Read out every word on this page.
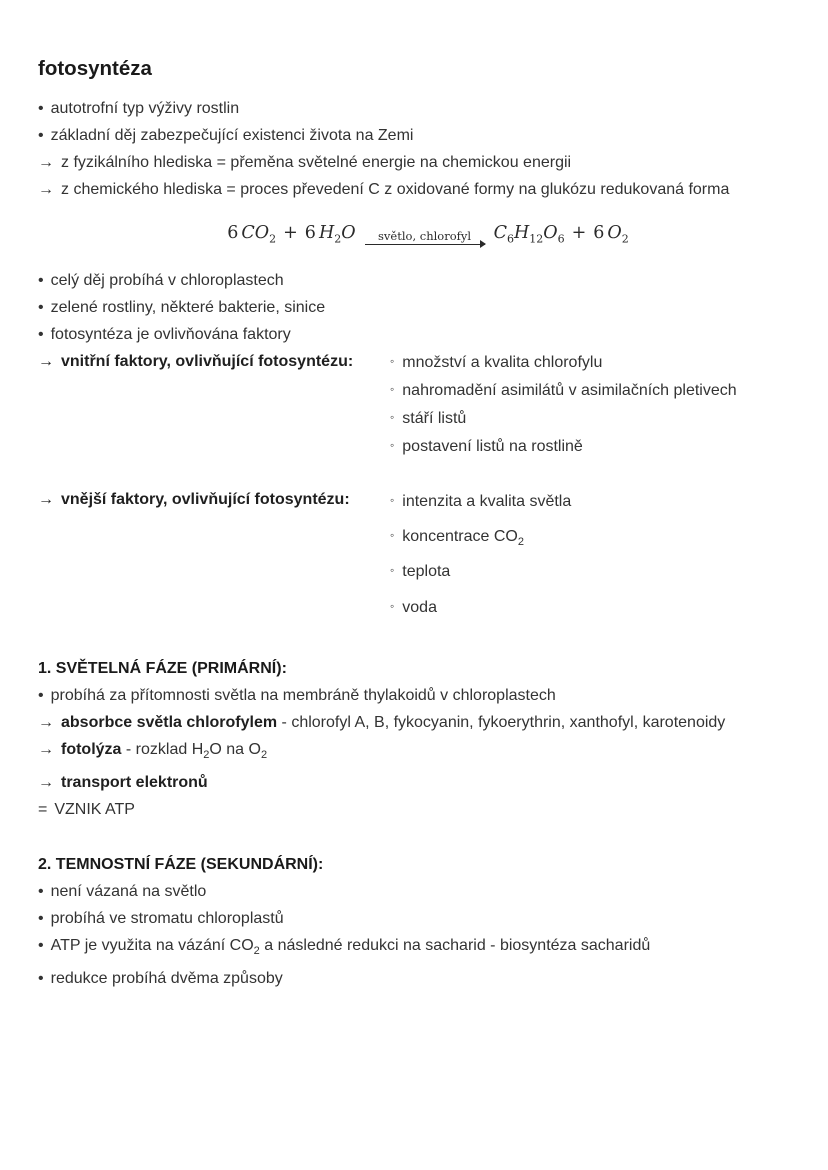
fotosyntéza
• autotrofní typ výživy rostlin
• základní děj zabezpečující existenci života na Zemi
→ z fyzikálního hlediska = přeměna světelné energie na chemickou energii
→ z chemického hlediska = proces převedení C z oxidované formy na glukózu redukovaná forma
6 $CO_2 + 6$ $H_2O$ světlo, chlorofyl $C_6H_{12}O_6 + 6$ $O_2$
• celý děj probíhá v chloroplastech
• zelené rostliny, některé bakterie, sinice
• fotosyntéza je ovlivňována faktory
→ vnitřní faktory, ovlivňující fotosyntézu:	◦ množství a kvalita chlorofylu
◦ nahromadění asimilátů v asimilačních pletivech
◦ stáří listů
◦ postavení listů na rostlině
→ vnější faktory, ovlivňující fotosyntézu:	◦ intenzita a kvalita světla
◦ koncentrace $CO_2$
◦ teplota
◦ voda
1. SVĚTELNÁ FÁZE (PRIMÁRNÍ):
• probíhá za přítomnosti světla na membráně thylakoidů v chloroplastech
→ absorbce světla chlorofylem - chlorofyl A, B, fykocyanin, fykoerythrin, xanthofyl, karotenoidy
→ fotolýza - rozklad $H_2O$ na $O_2$
→ transport elektronů
= VZNIK ATP
2. TEMNOSTNÍ FÁZE (SEKUNDÁRNÍ):
• není vázaná na světlo
• probíhá ve stromatu chloroplastů
• ATP je využita na vázání $CO_2$ a následné redukci na sacharid - biosyntéza sacharidů
• redukce probíhá dvěma způsoby
